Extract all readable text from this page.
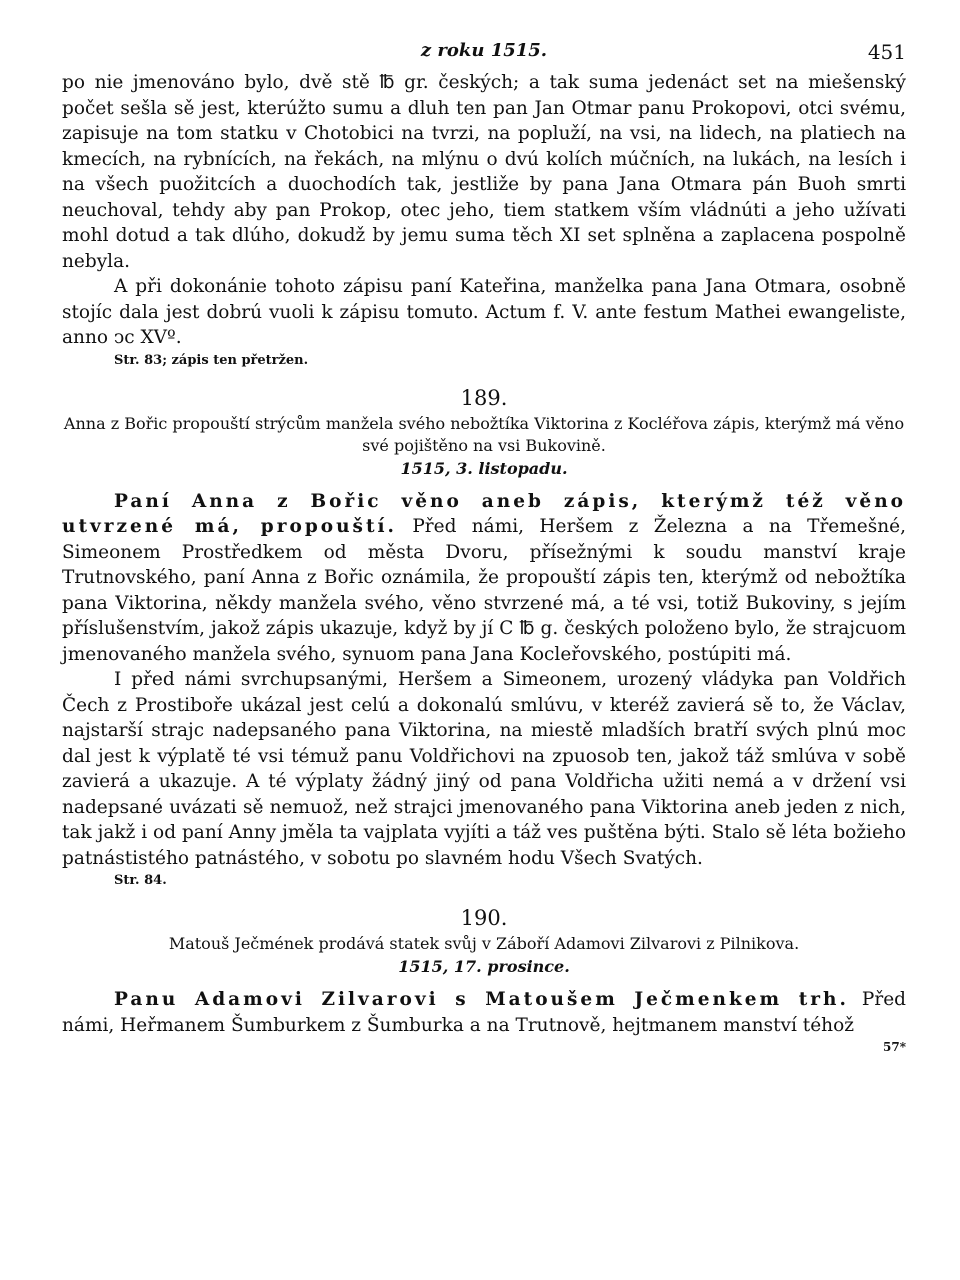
z roku 1515.	451

po nie jmenováno bylo, dvě stě ℔ gr. českých; a tak suma jedenáct set na miešenský počet sešla sě jest, kterúžto sumu a dluh ten pan Jan Otmar panu Prokopovi, otci svému, zapisuje na tom statku v Chotobici na tvrzi, na popluží, na vsi, na lidech, na platiech na kmecích, na rybnících, na řekách, na mlýnu o dvú kolích múčních, na lukách, na lesích i na všech puožitcích a duochodích tak, jestliže by pana Jana Otmara pán Buoh smrti neuchoval, tehdy aby pan Prokop, otec jeho, tiem statkem vším vládnúti a jeho užívati mohl dotud a tak dlúho, dokudž by jemu suma těch XI set splněna a zaplacena pospolně nebyla.

A při dokonánie tohoto zápisu paní Kateřina, manželka pana Jana Otmara, osobně stojíc dala jest dobrú vuoli k zápisu tomuto. Actum f. V. ante festum Mathei ewangeliste, anno ͻc XVº.

Str. 83; zápis ten přetržen.
189.
Anna z Bořic propouští strýcům manžela svého nebožtíka Viktorina z Kocléřova zápis, kterýmž má věno své pojištěno na vsi Bukovině.
1515, 3. listopadu.

Paní Anna z Bořic věno aneb zápis, kterýmž též věno utvrzené má, propouští. Před námi, Heršem z Železna a na Třemešné, Simeonem Prostředkem od města Dvoru, přísežnými k soudu manství kraje Trutnovského, paní Anna z Bořic oznámila, že propouští zápis ten, kterýmž od nebožtíka pana Viktorina, někdy manžela svého, věno stvrzené má, a té vsi, totiž Bukoviny, s jejím příslušenstvím, jakož zápis ukazuje, když by jí C ℔ g. českých položeno bylo, že strajcuom jmenovaného manžela svého, synuom pana Jana Kocleřovského, postúpiti má.

I před námi svrchupsanými, Heršem a Simeonem, urozený vládyka pan Voldřich Čech z Prostiboře ukázal jest celú a dokonalú smlúvu, v kteréž zavierá sě to, že Václav, najstarší strajc nadepsaného pana Viktorina, na miestě mladších bratří svých plnú moc dal jest k výplatě té vsi témuž panu Voldřichovi na zpuosob ten, jakož táž smlúva v sobě zavierá a ukazuje. A té výplaty žádný jiný od pana Voldřicha užiti nemá a v držení vsi nadepsané uvázati sě nemuož, než strajci jmenovaného pana Viktorina aneb jeden z nich, tak jakž i od paní Anny jměla ta vajplata vyjíti a táž ves puštěna býti. Stalo sě léta božieho patnástistého patnástého, v sobotu po slavném hodu Všech Svatých.

Str. 84.
190.
Matouš Ječmének prodává statek svůj v Záboří Adamovi Zilvarovi z Pilnikova.
1515, 17. prosince.

Panu Adamovi Zilvarovi s Matoušem Ječmenkem trh. Před námi, Heřmanem Šumburkem z Šumburka a na Trutnově, hejtmanem manství téhož

57*
